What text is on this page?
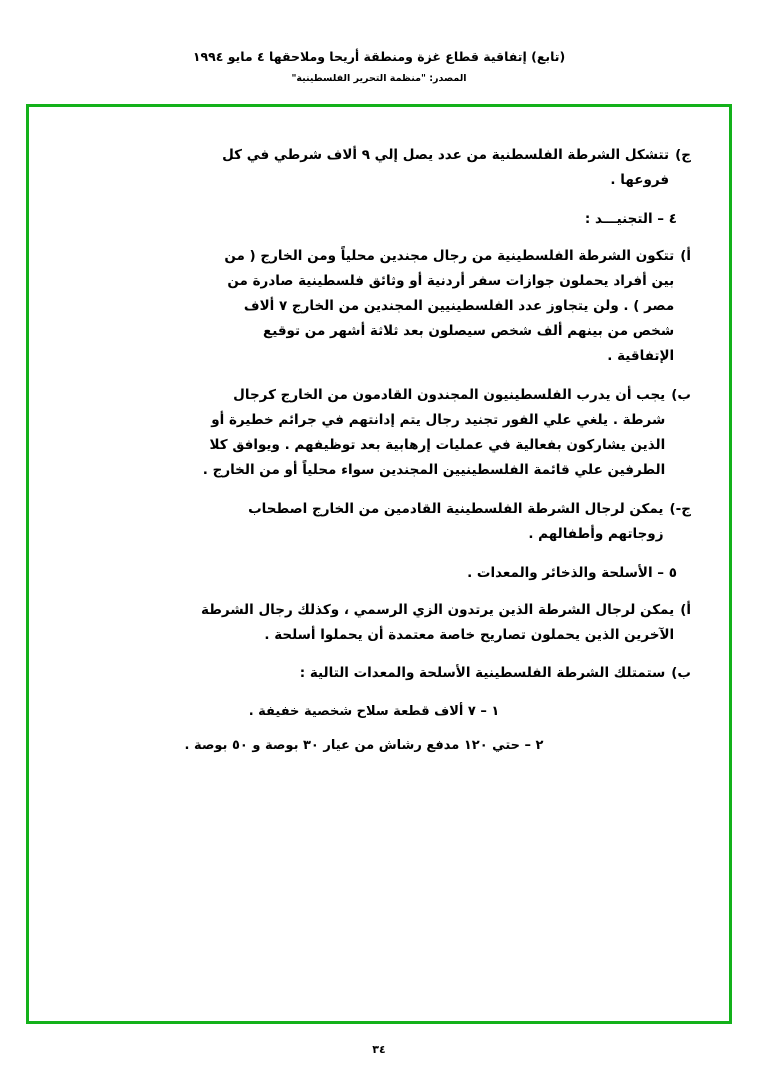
(تابع) إتفاقية قطاع غزة ومنطقة أريحا وملاحقها ٤ مايو ١٩٩٤
المصدر: "منظمة التحرير الفلسطينية"
ج)
تتشكل الشرطة الفلسطنية من عدد يصل إلي ٩ ألاف شرطي في كل
فروعها .
٤ – التجنيـــد :
أ)
تتكون الشرطة الفلسطينية من رجال مجندين محلياً ومن الخارج ( من
بين أفراد يحملون جوازات سفر أردنية أو وثائق فلسطينية صادرة من
مصر ) . ولن يتجاوز عدد الفلسطينيين المجندين من الخارج ٧ ألاف
شخص من بينهم ألف شخص سيصلون بعد ثلاثة أشهر من توقيع
الإتفاقية .
ب)
يجب أن يدرب الفلسطينيون المجندون القادمون من الخارج كرجال
شرطة . يلغي علي الفور تجنيد رجال يتم إدانتهم في جرائم خطيرة أو
الذين يشاركون بفعالية في عمليات إرهابية بعد توظيفهم . ويوافق كلا
الطرفين علي قائمة الفلسطينيين المجندين سواء محلياً أو من الخارج .
ج-)
يمكن لرجال الشرطة الفلسطينية القادمين من الخارج اصطحاب
زوجاتهم وأطفالهم .
٥ – الأسلحة والذخائر والمعدات .
أ)
يمكن لرجال الشرطة الذين يرتدون الزي الرسمي ، وكذلك رجال الشرطة
الآخرين الذين يحملون تصاريح خاصة معتمدة أن يحملوا أسلحة .
ب)
ستمتلك الشرطة الفلسطينية الأسلحة والمعدات التالية :
١ – ٧ ألاف قطعة سلاح شخصية خفيفة .
٢ – حتي ١٢٠ مدفع رشاش من عيار ٣٠ بوصة و ٥٠ بوصة .
٣٤
